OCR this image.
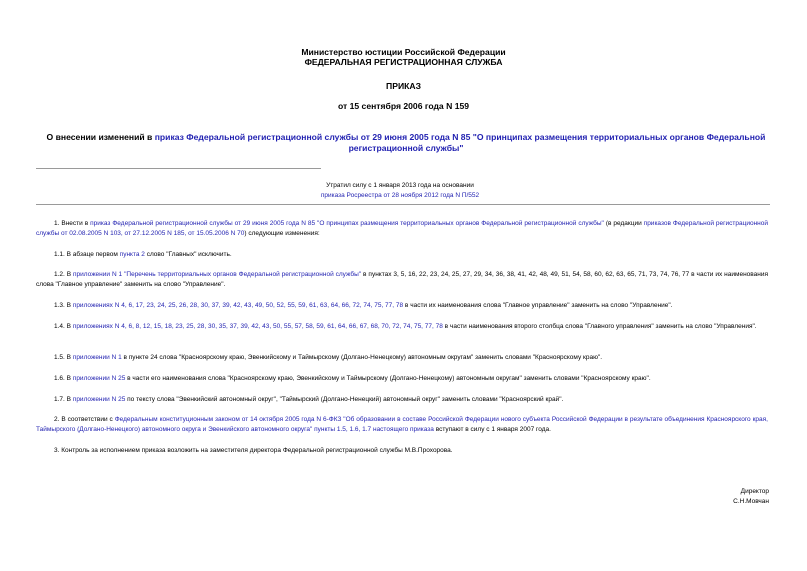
Министерство юстиции Российской Федерации
ФЕДЕРАЛЬНАЯ РЕГИСТРАЦИОННАЯ СЛУЖБА
ПРИКАЗ
от 15 сентября 2006 года N 159
О внесении изменений в приказ Федеральной регистрационной службы от 29 июня 2005 года N 85 "О принципах размещения территориальных органов Федеральной регистрационной службы"
Утратил силу с 1 января 2013 года на основании
приказа Росреестра от 28 ноября 2012 года N П/552
1. Внести в приказ Федеральной регистрационной службы от 29 июня 2005 года N 85 "О принципах размещения территориальных органов Федеральной регистрационной службы" (в редакции приказов Федеральной регистрационной службы от 02.08.2005 N 103, от 27.12.2005 N 185, от 15.05.2006 N 70) следующие изменения:
1.1. В абзаце первом пункта 2 слово "Главных" исключить.
1.2. В приложении N 1 "Перечень территориальных органов Федеральной регистрационной службы" в пунктах 3, 5, 16, 22, 23, 24, 25, 27, 29, 34, 36, 38, 41, 42, 48, 49, 51, 54, 58, 60, 62, 63, 65, 71, 73, 74, 76, 77 в части их наименования слова "Главное управление" заменить на слово "Управление".
1.3. В приложениях N 4, 6, 17, 23, 24, 25, 26, 28, 30, 37, 39, 42, 43, 49, 50, 52, 55, 59, 61, 63, 64, 66, 72, 74, 75, 77, 78 в части их наименования слова "Главное управление" заменить на слово "Управление".
1.4. В приложениях N 4, 6, 8, 12, 15, 18, 23, 25, 28, 30, 35, 37, 39, 42, 43, 50, 55, 57, 58, 59, 61, 64, 66, 67, 68, 70, 72, 74, 75, 77, 78 в части наименования второго столбца слова "Главного управления" заменить на слово "Управления".
1.5. В приложении N 1 в пункте 24 слова "Красноярскому краю, Эвенкийскому и Таймырскому (Долгано-Ненецкому) автономным округам" заменить словами "Красноярскому краю".
1.6. В приложении N 25 в части его наименования слова "Красноярскому краю, Эвенкийскому и Таймырскому (Долгано-Ненецкому) автономным округам" заменить словами "Красноярскому краю".
1.7. В приложении N 25 по тексту слова "Эвенкийский автономный округ", "Таймырский (Долгано-Ненецкий) автономный округ" заменить словами "Красноярский край".
2. В соответствии с Федеральным конституционным законом от 14 октября 2005 года N 6-ФКЗ "Об образовании в составе Российской Федерации нового субъекта Российской Федерации в результате объединения Красноярского края, Таймырского (Долгано-Ненецкого) автономного округа и Эвенкийского автономного округа" пункты 1.5, 1.6, 1.7 настоящего приказа вступают в силу с 1 января 2007 года.
3. Контроль за исполнением приказа возложить на заместителя директора Федеральной регистрационной службы М.В.Прохорова.
Директор
С.Н.Мовчан
